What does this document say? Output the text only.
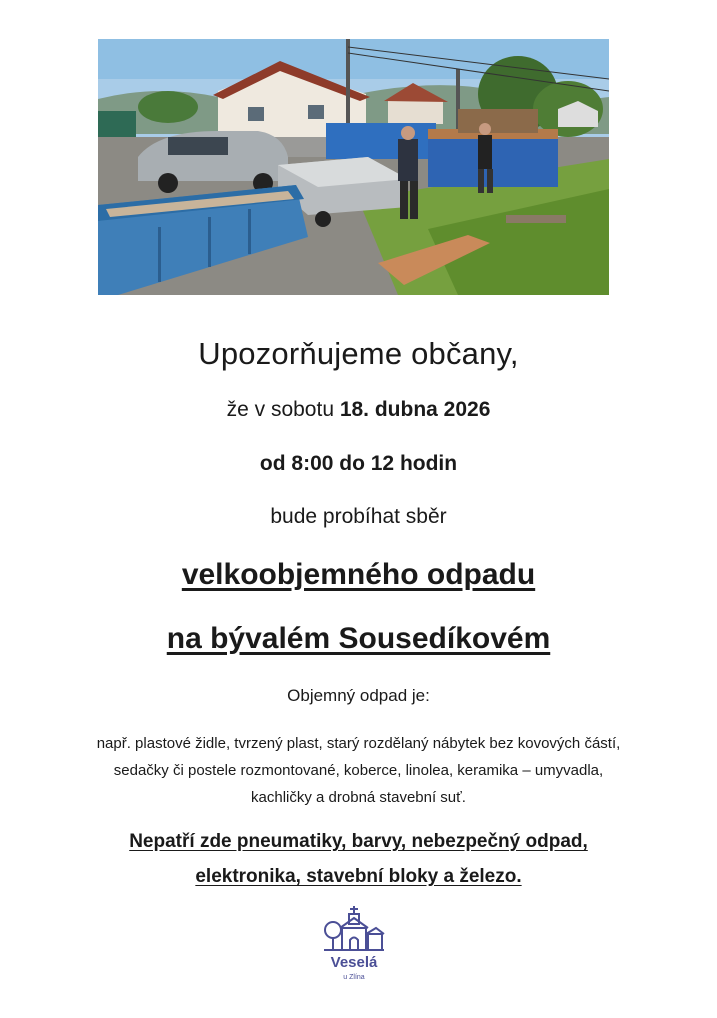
Upozorňujeme občany,
že v sobotu 18. dubna 2026
od 8:00 do 12 hodin
bude probíhat sběr
velkoobjemného odpadu
na bývalém Sousedíkovém
Objemný odpad je:
např. plastové židle, tvrzený plast, starý rozdělaný nábytek bez kovových částí,
sedačky či postele rozmontované, koberce, linolea, keramika – umyvadla,
kachličky a drobná stavební suť.
Nepatří zde pneumatiky, barvy, nebezpečný odpad,
elektronika, stavební bloky a železo.
Veselá
u Zlína
